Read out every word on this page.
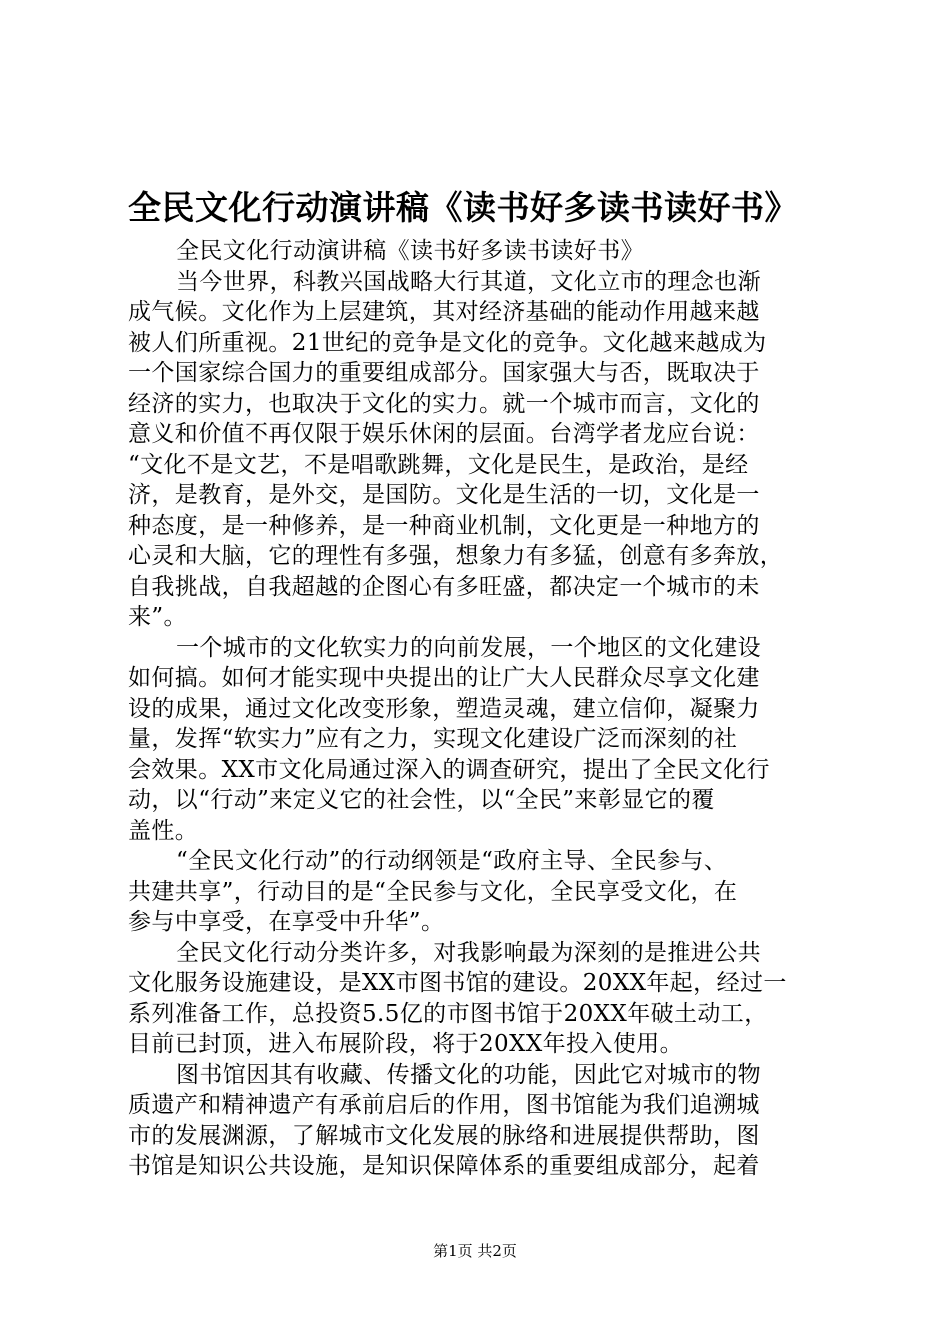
全民文化行动演讲稿《读书好多读书读好书》
全民文化行动演讲稿《读书好多读书读好书》
当今世界，科教兴国战略大行其道，文化立市的理念也渐
成气候。文化作为上层建筑，其对经济基础的能动作用越来越
被人们所重视。21世纪的竞争是文化的竞争。文化越来越成为
一个国家综合国力的重要组成部分。国家强大与否，既取决于
经济的实力，也取决于文化的实力。就一个城市而言，文化的
意义和价值不再仅限于娱乐休闲的层面。台湾学者龙应台说：
“文化不是文艺，不是唱歌跳舞，文化是民生，是政治，是经
济，是教育，是外交，是国防。文化是生活的一切，文化是一
种态度，是一种修养，是一种商业机制，文化更是一种地方的
心灵和大脑，它的理性有多强，想象力有多猛，创意有多奔放，
自我挑战，自我超越的企图心有多旺盛，都决定一个城市的未
来”。
一个城市的文化软实力的向前发展，一个地区的文化建设
如何搞。如何才能实现中央提出的让广大人民群众尽享文化建
设的成果，通过文化改变形象，塑造灵魂，建立信仰，凝聚力
量，发挥“软实力”应有之力，实现文化建设广泛而深刻的社
会效果。XX市文化局通过深入的调查研究，提出了全民文化行
动，以“行动”来定义它的社会性，以“全民”来彰显它的覆
盖性。
“全民文化行动”的行动纲领是“政府主导、全民参与、
共建共享”，行动目的是“全民参与文化，全民享受文化，在
参与中享受，在享受中升华”。
全民文化行动分类许多，对我影响最为深刻的是推进公共
文化服务设施建设，是XX市图书馆的建设。20XX年起，经过一
系列准备工作，总投资5.5亿的市图书馆于20XX年破土动工，
目前已封顶，进入布展阶段，将于20XX年投入使用。
图书馆因其有收藏、传播文化的功能，因此它对城市的物
质遗产和精神遗产有承前启后的作用，图书馆能为我们追溯城
市的发展渊源，了解城市文化发展的脉络和进展提供帮助，图
书馆是知识公共设施，是知识保障体系的重要组成部分，起着
第1页 共2页
